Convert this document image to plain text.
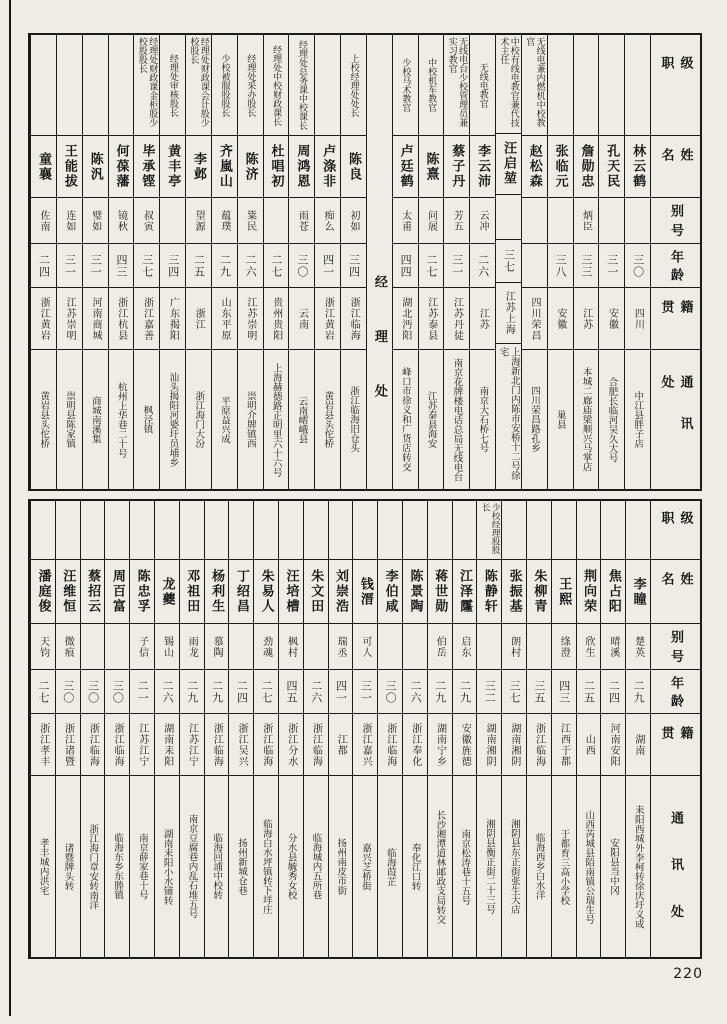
级职
姓名
别号
年龄
籍贯
通讯处
林云鹤
三〇
四川
中江县胖子店
孔天民
三一
安徽
合肥长临河吴久大号
詹勋忠
炳臣
三三
江苏
本城二廊庙梁顺兴马掌店
张临元
三八
安徽
巢县
无线电兼内燃机中校教官
赵松森
四川荣昌
四川荣昌路孔乡
中校有线电教官兼代技术主任
汪启堃
三七
江苏上海
上海新北门内陈市安桥十二号徐宅
无线电教官
李云沛
云冲
二六
江苏
南京大石桥七号
无线电台少校管理员兼实习教官
蔡子丹
芳五
三一
江苏丹徒
南京花牌楼电话总局无线电台
中校机车教官
陈熹
问展
二七
江苏泰县
江苏泰县海安
少校马术教官
卢廷鹤
太甫
四四
湖北沔阳
峰口市徐义和广货店转交
经理处
上校经理处处长
陈良
初如
三四
浙江临海
浙江临海旧仓头
卢涤非
痴么
四一
浙江黄岩
黄岩县头佗桥
经理处总务课中校课长
周鸿恩
雨苍
三〇
云南
云南嶍峨县
经理处中校财政课长
杜唱初
二七
贵州贵阳
上海赫德路正明里六十六号
经理处采办股长
陈济
粊民
二六
江苏崇明
崇明介牌镇西
少校被服股股长
齐嵐山
蕴璞
二九
山东平原
平原益兴成
经理处财政课会计股少校股长
李邺
望源
二五
浙江
浙江海门大汾
经理处审核股长
黄丰亭
三四
广东揭阳
汕头揭阳河婆圩员埔乡
经理处财政课金柜股少校股股长
毕承铿
叔寅
三七
浙江嘉善
枫泾镇
何葆藩
镜秋
四三
浙江杭县
杭州上华巷二十号
陈汎
璧如
三一
河南商城
商城南溪集
王能拔
连如
三一
江苏崇明
崇明县陈家镇
童襄
佐南
二四
浙江黄岩
黄岩县头佗桥
级职
姓名
别号
年龄
籍贯
通讯处
李瞳
楚英
二九
湖南
耒阳西城外李柯转徐庆圩义成
焦占阳
晴溪
二四
河南安阳
安阳县当中冈
荆向荣
欣生
二五
山西
山西芮城县陌南镇公瑞生号
王熙
绦澄
四三
江西于都
于都育三高小学校
朱柳青
三五
浙江临海
临海西乡白水洋
张振基
朗村
三七
湖南湘阴
湘阴县东正街张生大店
少校经理股股长
陈静轩
三二
湖南湘阴
湘阴县衡正街二十三号
江泽霳
启东
二九
安徽旌德
南京松涛巷十五号
蒋世勋
伯岳
二九
湖南宁乡
长沙湘潭道林邮政支局转交
陈景陶
二六
浙江奉化
奉化江口转
李伯咸
三〇
浙江临海
临海葭芷
钱溍
可人
三一
浙江嘉兴
嘉兴芝桥街
刘崇浩
瑞丞
四一
江都
扬州南皮市街
朱文田
二六
浙江临海
临海城内五所巷
汪培槽
枫村
四五
浙江分水
分水县毓秀女校
朱易人
劲魂
二七
浙江临海
临海白水坪镇转下垟庄
丁绍昌
二四
浙江吴兴
扬州新城仓巷
杨利生
慕陶
二九
浙江临海
临海回浦中校转
邓祖田
雨龙
二九
江苏江宁
南京豆腐巷内乱石堆五号
龙夔
锡山
二六
湖南耒阳
湖南耒阳小水铺转
陈忠孚
子信
二一
江苏江宁
南京薛家巷十号
周百富
三〇
浙江临海
临海东乡东塍镇
蔡招云
三〇
浙江临海
浙江海门章安转南洋
汪维恒
微痕
三〇
浙江诸暨
诸暨牌头转
潘庭俊
天钧
二七
浙江孝丰
孝丰城内洪宅
220
